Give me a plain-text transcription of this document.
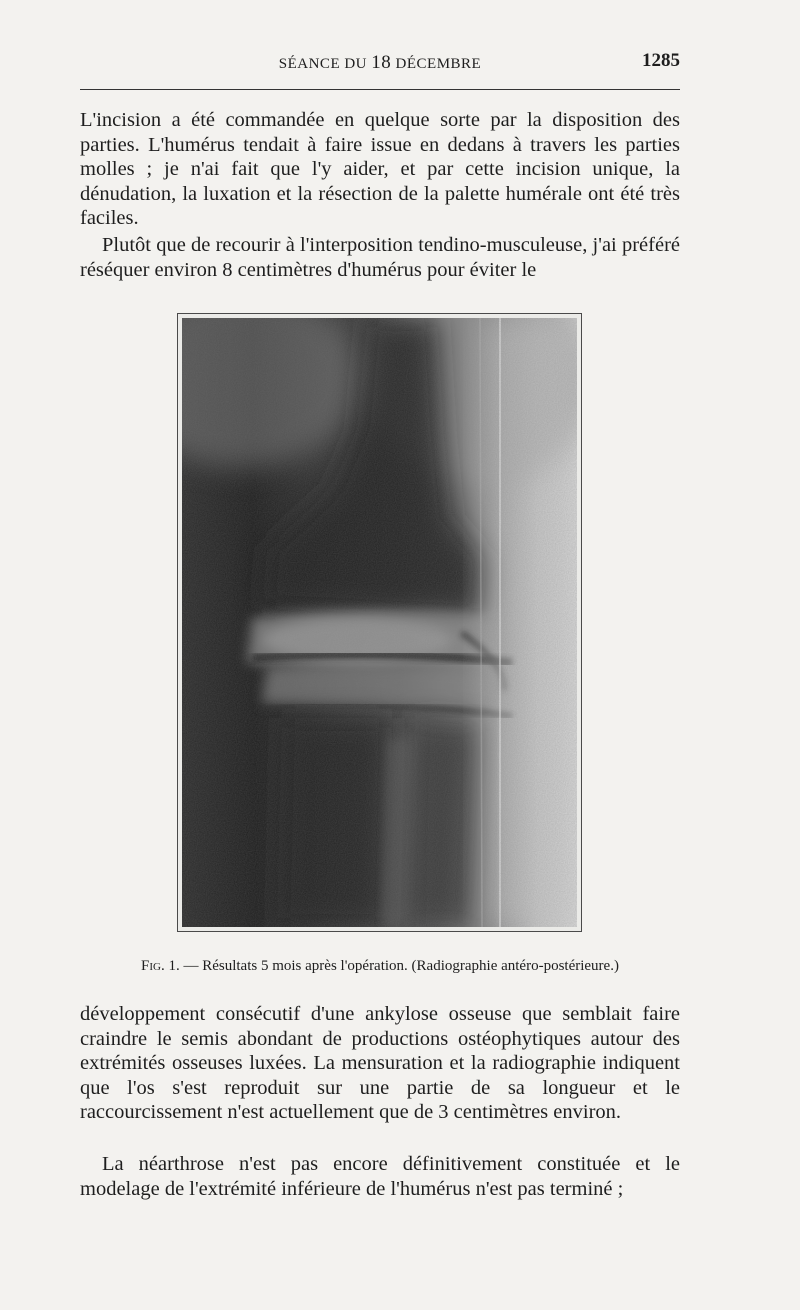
SÉANCE DU 18 DÉCEMBRE	1285

L'incision a été commandée en quelque sorte par la disposition des parties. L'humérus tendait à faire issue en dedans à travers les parties molles ; je n'ai fait que l'y aider, et par cette incision unique, la dénudation, la luxation et la résection de la palette humérale ont été très faciles.

Plutôt que de recourir à l'interposition tendino-musculeuse, j'ai préféré réséquer environ 8 centimètres d'humérus pour éviter le

Fig. 1. — Résultats 5 mois après l'opération. (Radiographie antéro-postérieure.)

développement consécutif d'une ankylose osseuse que semblait faire craindre le semis abondant de productions ostéophytiques autour des extrémités osseuses luxées. La mensuration et la radiographie indiquent que l'os s'est reproduit sur une partie de sa longueur et le raccourcissement n'est actuellement que de 3 centimètres environ.

La néarthrose n'est pas encore définitivement constituée et le modelage de l'extrémité inférieure de l'humérus n'est pas terminé ;
